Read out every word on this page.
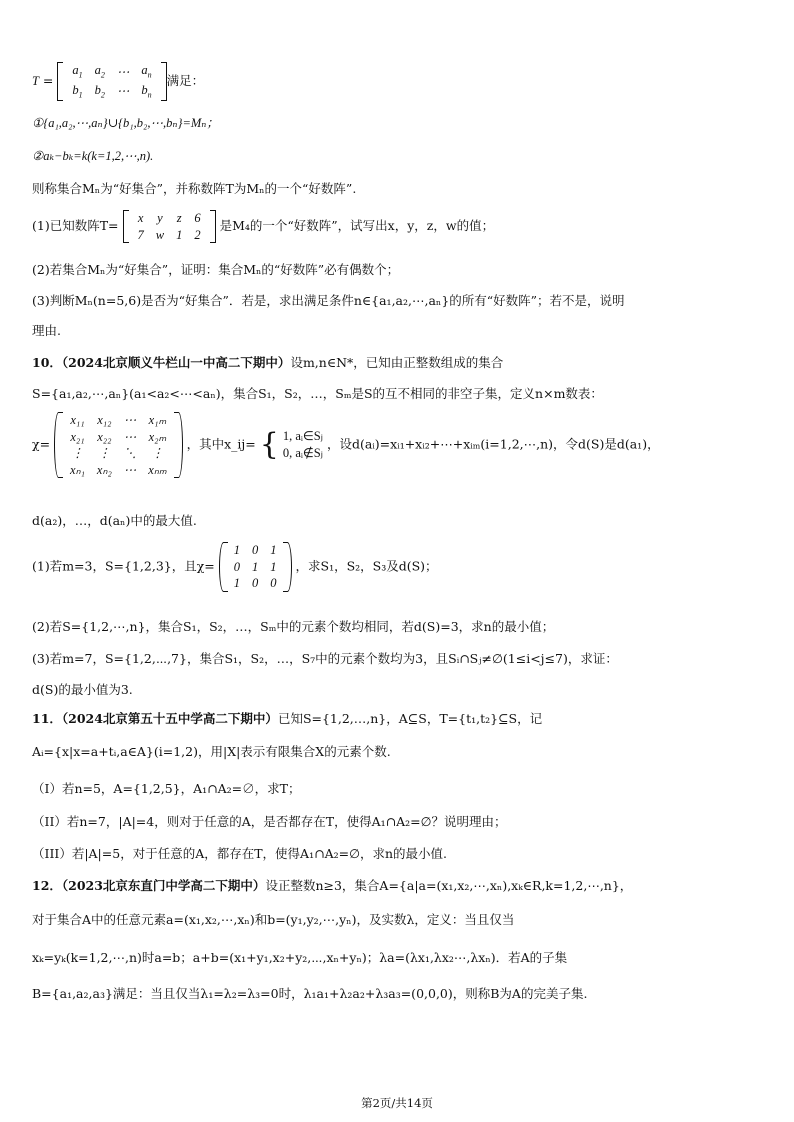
T =
$a_1$	$a_2$	⋯	$a_n$
$b_1$	$b_2$	⋯	$b_n$
满足：
①{a₁,a₂,⋯,aₙ}∪{b₁,b₂,⋯,bₙ}=Mₙ；
②aₖ−bₖ=k(k=1,2,⋯,n).
则称集合Mₙ为“好集合”，并称数阵T为Mₙ的一个“好数阵”.
(1)已知数阵T= x	y	z	6
7	w	1	2
是M₄的一个“好数阵”，试写出x，y，z，w的值；
(2)若集合Mₙ为“好集合”，证明：集合Mₙ的“好数阵”必有偶数个；
(3)判断Mₙ(n=5,6)是否为“好集合”．若是，求出满足条件n∈{a₁,a₂,⋯,aₙ}的所有“好数阵”；若不是，说明
理由.
10．（2024北京顺义牛栏山一中高二下期中）设m,n∈N*，已知由正整数组成的集合
S={a₁,a₂,⋯,aₙ}(a₁<a₂<⋯<aₙ)，集合S₁，S₂，…，Sₘ是S的互不相同的非空子集，定义n×m数表：
χ=
x₁₁	x₁₂	⋯	x₁ₘ
x₂₁	x₂₂	⋯	x₂ₘ
⋮	⋮	⋱	⋮
xₙ₁	xₙ₂	⋯	xₙₘ
，其中x_ij= { 1, aᵢ∈Sⱼ
0, aᵢ∉Sⱼ ，设d(aᵢ)=xᵢ₁+xᵢ₂+⋯+xᵢₘ(i=1,2,⋯,n)，令d(S)是d(a₁)，
d(a₂)，…，d(aₙ)中的最大值.
(1)若m=3，S={1,2,3}，且χ=
1	0	1
0	1	1
1	0	0
，求S₁，S₂，S₃及d(S)；
(2)若S={1,2,⋯,n}，集合S₁，S₂，…，Sₘ中的元素个数均相同，若d(S)=3，求n的最小值；
(3)若m=7，S={1,2,⋯,7}，集合S₁，S₂，…，S₇中的元素个数均为3，且Sᵢ∩Sⱼ≠∅(1≤i<j≤7)，求证：
d(S)的最小值为3.
11．（2024北京第五十五中学高二下期中）已知S={1,2,…,n}，A⊆S，T={t₁,t₂}⊆S，记
Aᵢ={x|x=a+tᵢ,a∈A}(i=1,2)，用|X|表示有限集合X的元素个数.
（I）若n=5，A={1,2,5}，A₁∩A₂=∅，求T；
（II）若n=7，|A|=4，则对于任意的A，是否都存在T，使得A₁∩A₂=∅？说明理由；
（III）若|A|=5，对于任意的A，都存在T，使得A₁∩A₂=∅，求n的最小值.
12．（2023北京东直门中学高二下期中）设正整数n≥3，集合A={a|a=(x₁,x₂,⋯,xₙ),xₖ∈R,k=1,2,⋯,n}，
对于集合A中的任意元素a=(x₁,x₂,⋯,xₙ)和b=(y₁,y₂,⋯,yₙ)，及实数λ，定义：当且仅当
xₖ=yₖ(k=1,2,⋯,n)时a=b；a+b=(x₁+y₁,x₂+y₂,⋯,xₙ+yₙ)；λa=(λx₁,λx₂⋯,λxₙ)．若A的子集
B={a₁,a₂,a₃}满足：当且仅当λ₁=λ₂=λ₃=0时，λ₁a₁+λ₂a₂+λ₃a₃=(0,0,0)，则称B为A的完美子集.
第2页/共14页
